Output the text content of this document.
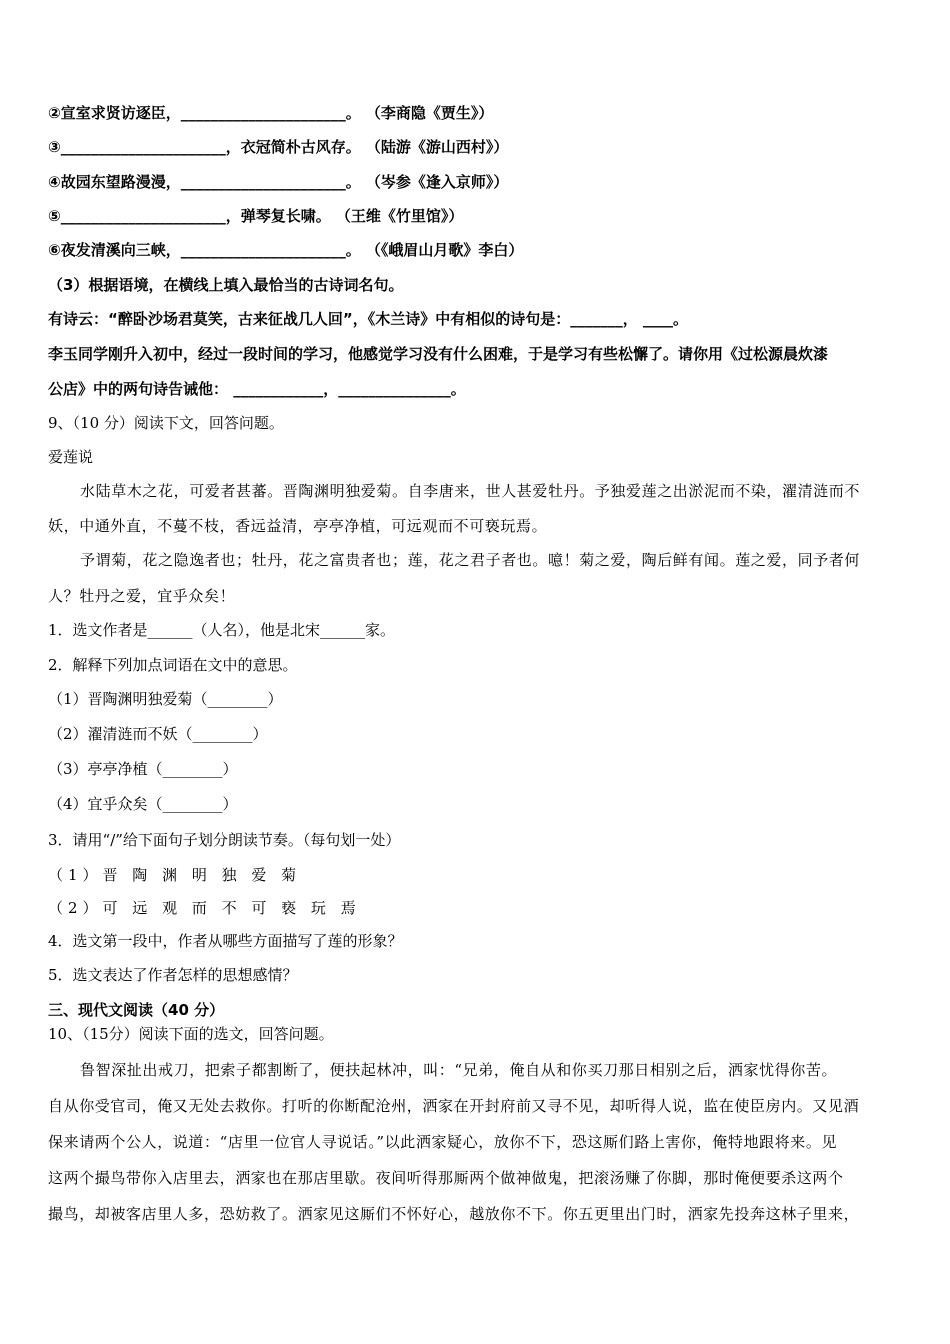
②宣室求贤访逐臣，______________________。 （李商隐《贾生》）
③______________________，衣冠简朴古风存。 （陆游《游山西村》）
④故园东望路漫漫，______________________。 （岑参《逢入京师》）
⑤______________________，弹琴复长啸。 （王维《竹里馆》）
⑥夜发清溪向三峡，______________________。 （《峨眉山月歌》李白）
（3）根据语境，在横线上填入最恰当的古诗词名句。
有诗云：“醉卧沙场君莫笑，古来征战几人回”，《木兰诗》中有相似的诗句是：_______， ____。
李玉同学刚升入初中，经过一段时间的学习，他感觉学习没有什么困难，于是学习有些松懈了。请你用《过松源晨炊漆
公店》中的两句诗告诫他： ____________，_______________。
9、（10 分）阅读下文，回答问题。
爱莲说
水陆草木之花，可爱者甚蕃。晋陶渊明独爱菊。自李唐来，世人甚爱牡丹。予独爱莲之出淤泥而不染，濯清涟而不
妖，中通外直，不蔓不枝，香远益清，亭亭净植，可远观而不可亵玩焉。
予谓菊，花之隐逸者也；牡丹，花之富贵者也；莲，花之君子者也。噫！菊之爱，陶后鲜有闻。莲之爱，同予者何
人？牡丹之爱，宜乎众矣！
1．选文作者是______（人名），他是北宋______家。
2．解释下列加点词语在文中的意思。
（1）晋陶渊明独爱菊（________）
（2）濯清涟而不妖（________）
（3）亭亭净植（________）
（4）宜乎众矣（________）
3．请用“/”给下面句子划分朗读节奏。（每句划一处）
（1）晋 陶 渊 明 独 爱 菊
（2）可 远 观 而 不 可 亵 玩 焉
4．选文第一段中，作者从哪些方面描写了莲的形象？
5．选文表达了作者怎样的思想感情？
三、现代文阅读（40 分）
10、（15分）阅读下面的选文，回答问题。
鲁智深扯出戒刀，把索子都割断了，便扶起林冲，叫：“兄弟，俺自从和你买刀那日相别之后，洒家忧得你苦。
自从你受官司，俺又无处去救你。打听的你断配沧州，洒家在开封府前又寻不见，却听得人说，监在使臣房内。又见酒
保来请两个公人，说道：“店里一位官人寻说话。”以此洒家疑心，放你不下，恐这厮们路上害你，俺特地跟将来。见
这两个撮鸟带你入店里去，洒家也在那店里歇。夜间听得那厮两个做神做鬼，把滚汤赚了你脚，那时俺便要杀这两个
撮鸟，却被客店里人多，恐妨救了。洒家见这厮们不怀好心，越放你不下。你五更里出门时，洒家先投奔这林子里来，
